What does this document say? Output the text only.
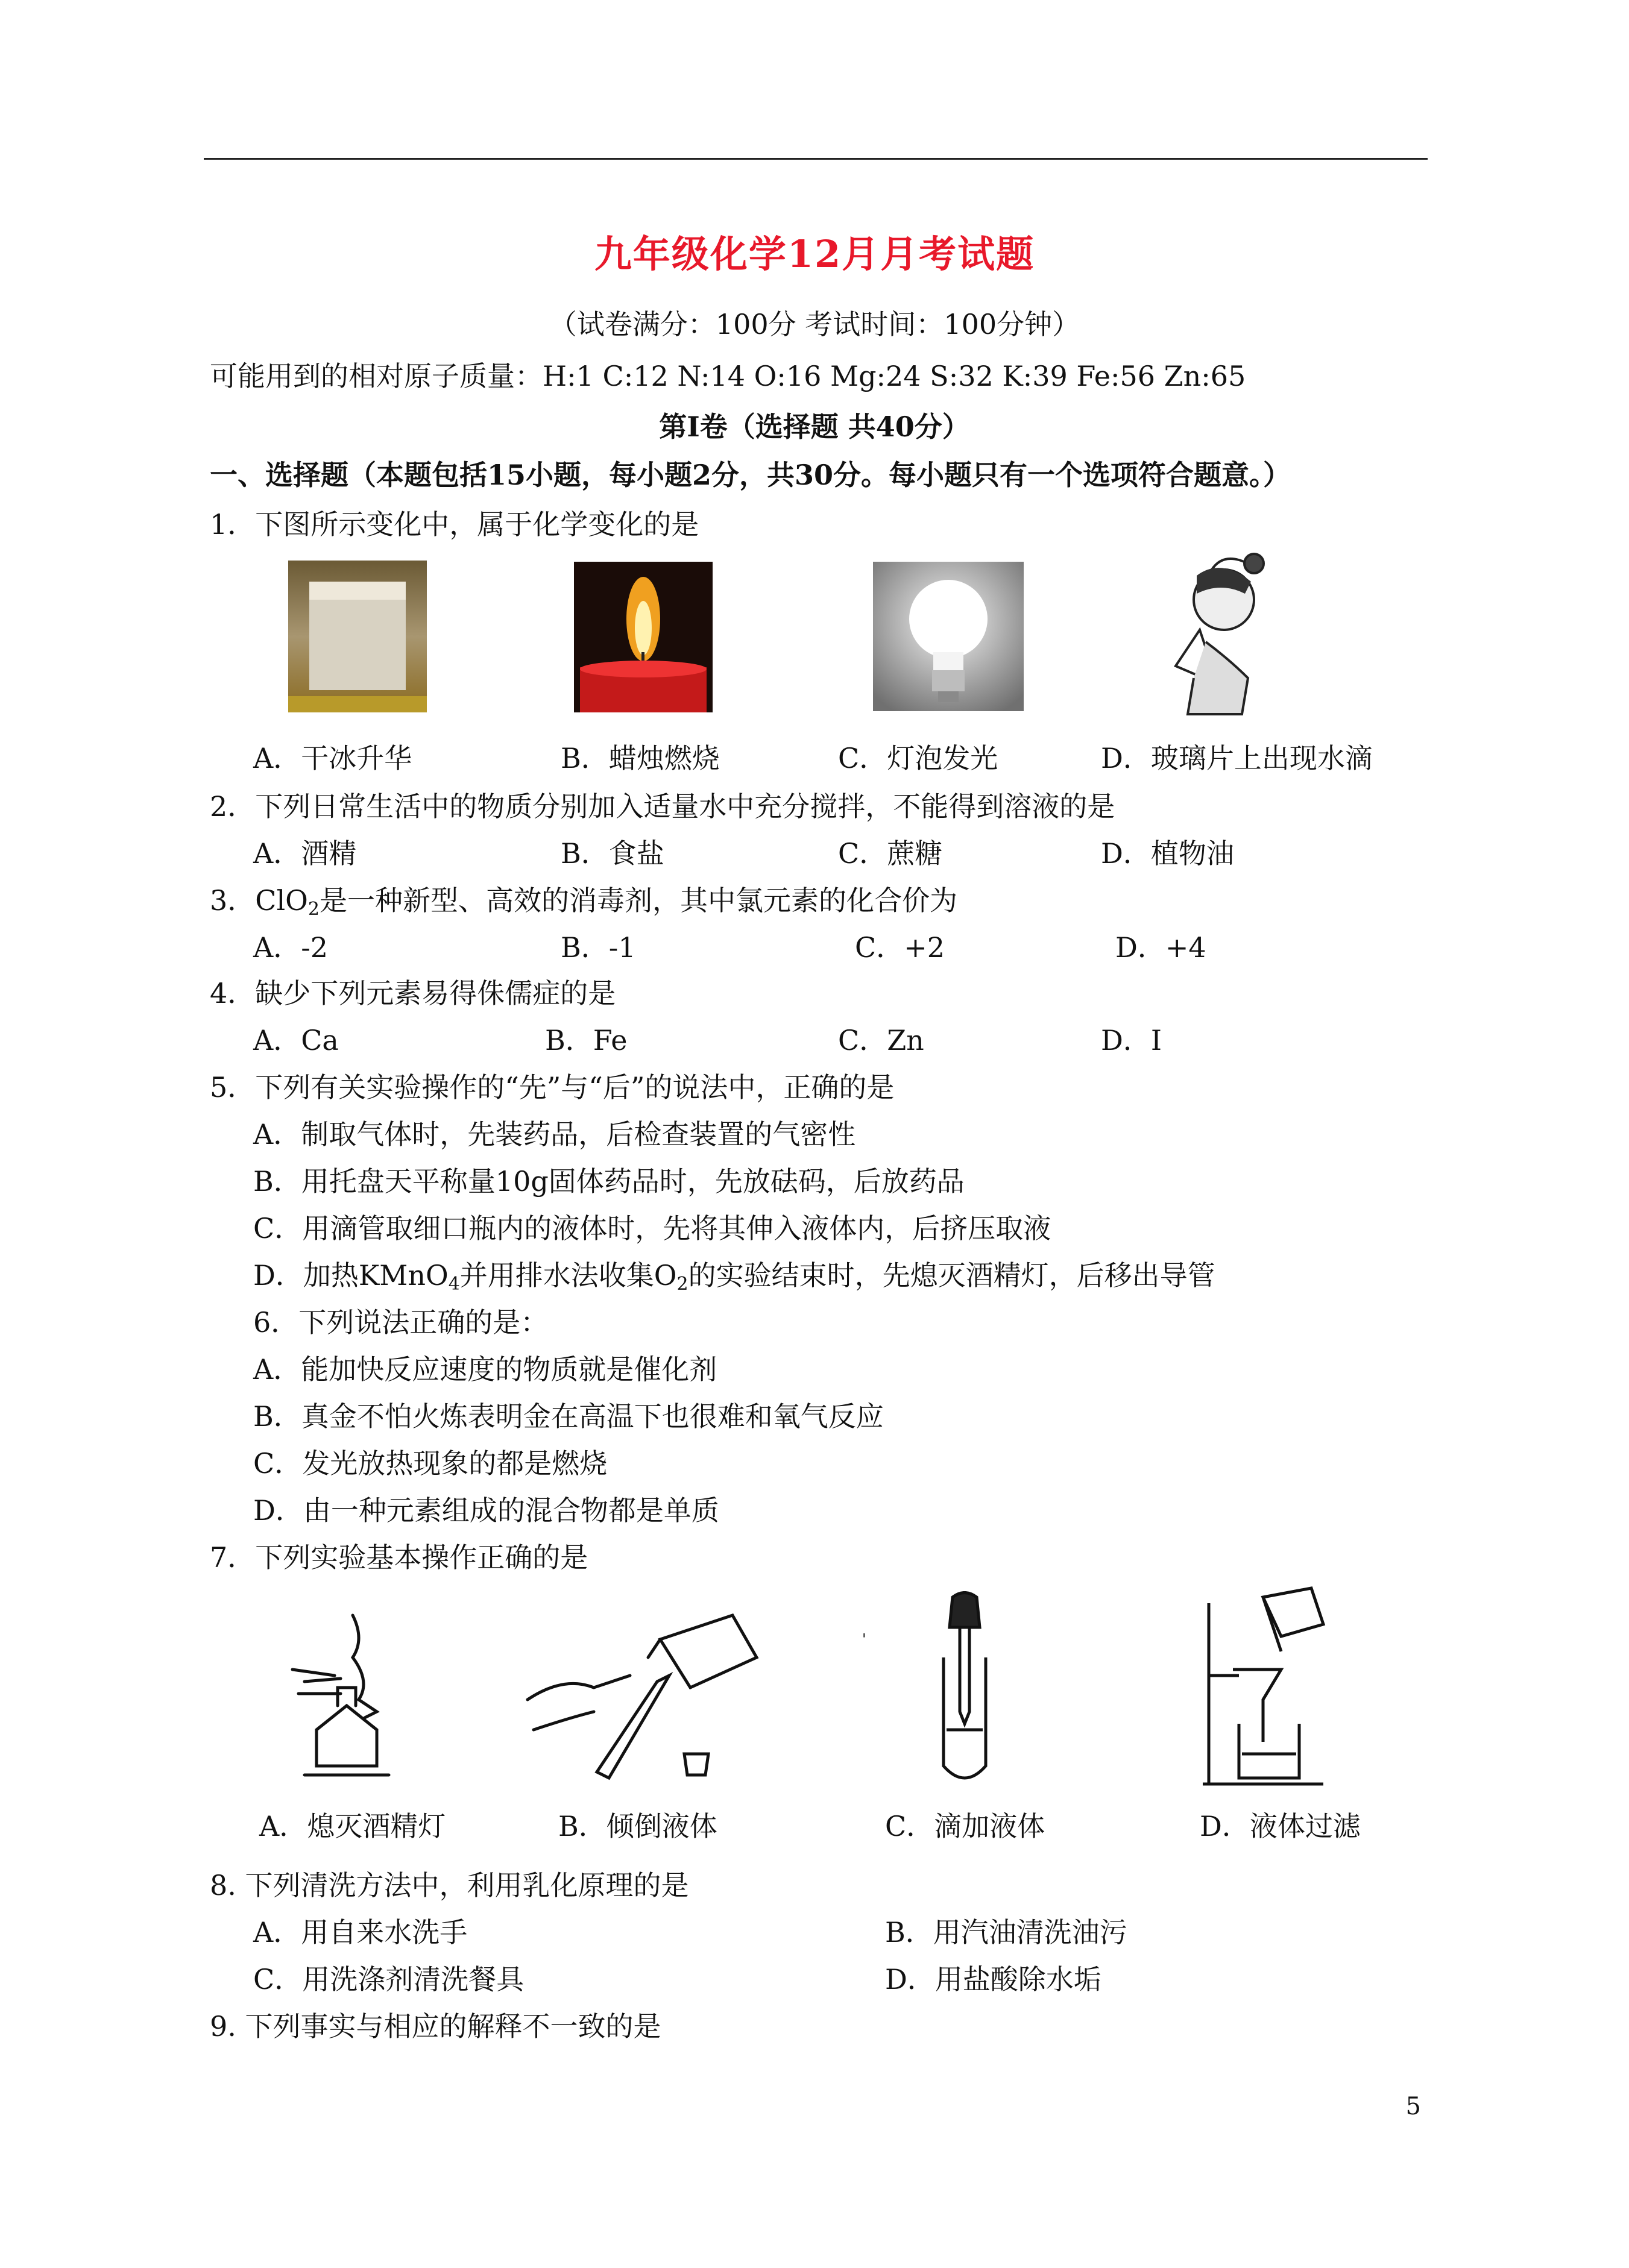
九年级化学12月月考试题
（试卷满分：100分 考试时间：100分钟）
可能用到的相对原子质量：H:1 C:12 N:14 O:16 Mg:24 S:32 K:39 Fe:56 Zn:65
第Ⅰ卷（选择题 共40分）
一、选择题（本题包括15小题，每小题2分，共30分。每小题只有一个选项符合题意。）
1．下图所示变化中，属于化学变化的是
A．干冰升华	B．蜡烛燃烧	C．灯泡发光	D．玻璃片上出现水滴
2．下列日常生活中的物质分别加入适量水中充分搅拌，不能得到溶液的是
A．酒精	B．食盐	C．蔗糖	D．植物油
3．ClO$_2$是一种新型、高效的消毒剂，其中氯元素的化合价为
A．-2	B．-1	C．+2	D．+4
4．缺少下列元素易得侏儒症的是
A．Ca	B．Fe	C．Zn	D．I
5．下列有关实验操作的“先”与“后”的说法中，正确的是
A．制取气体时，先装药品，后检查装置的气密性
B．用托盘天平称量10g固体药品时，先放砝码，后放药品
C．用滴管取细口瓶内的液体时，先将其伸入液体内，后挤压取液
D．加热KMnO$_4$并用排水法收集$O_2$的实验结束时，先熄灭酒精灯，后移出导管
6．下列说法正确的是：
A．能加快反应速度的物质就是催化剂
B．真金不怕火炼表明金在高温下也很难和氧气反应
C．发光放热现象的都是燃烧
D．由一种元素组成的混合物都是单质
7．下列实验基本操作正确的是
'
A．熄灭酒精灯	B．倾倒液体	C．滴加液体	D．液体过滤
8. 下列清洗方法中，利用乳化原理的是
A．用自来水洗手	B．用汽油清洗油污
C．用洗涤剂清洗餐具	D．用盐酸除水垢
9. 下列事实与相应的解释不一致的是
5
